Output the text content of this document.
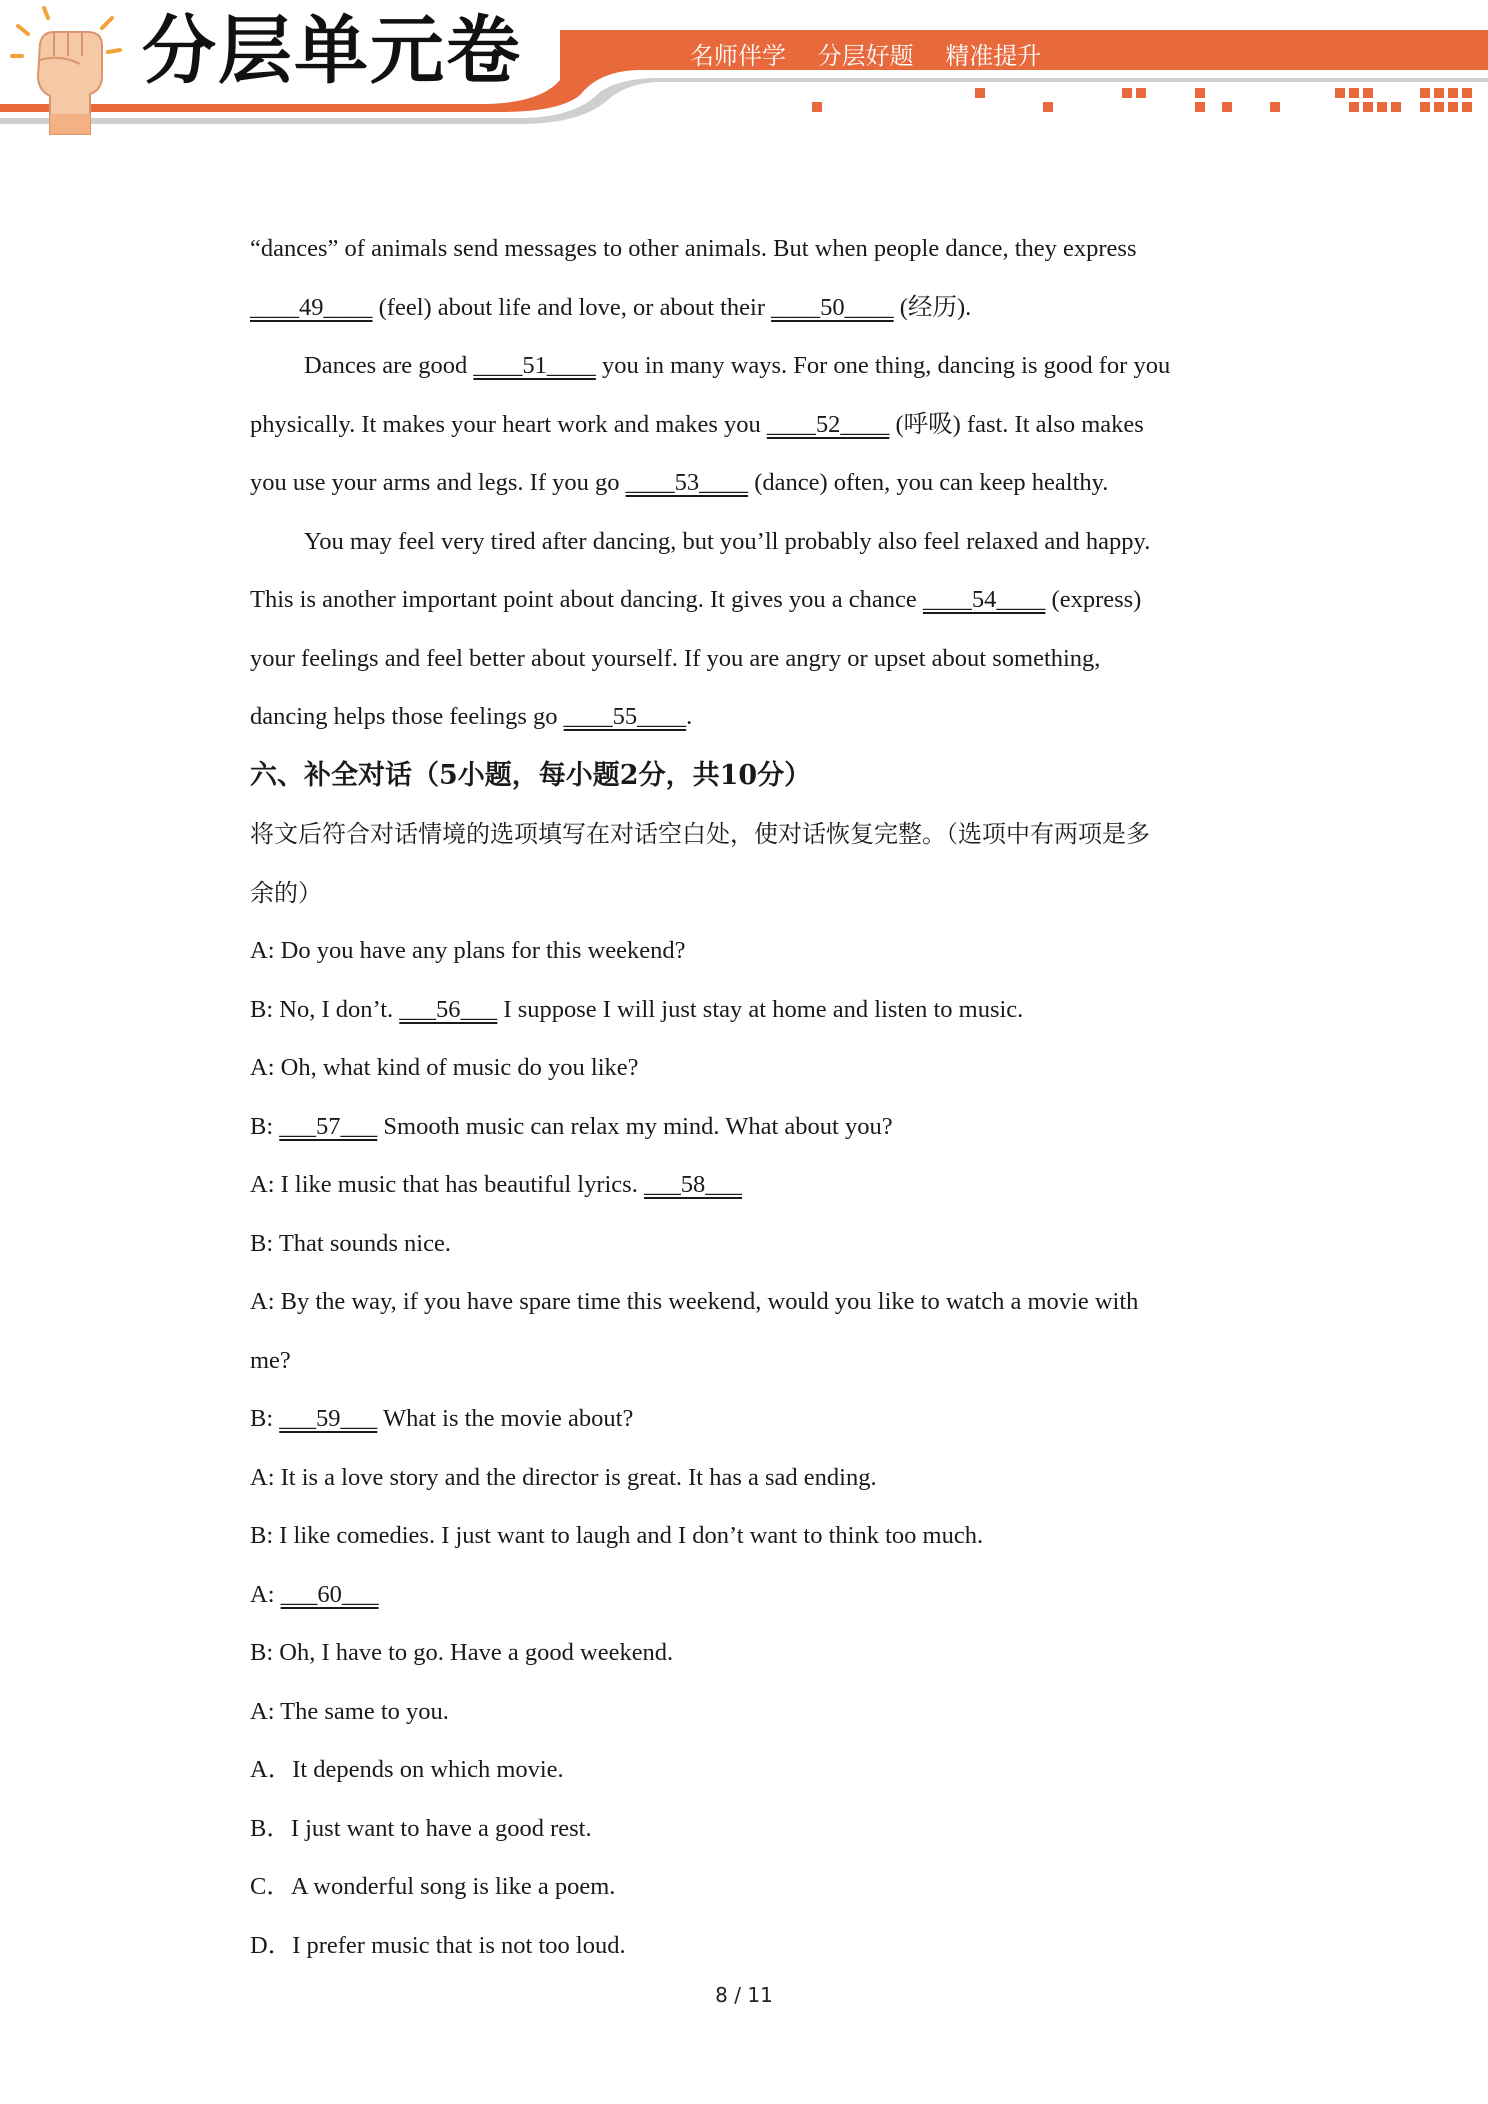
分层单元卷	名师伴学 分层好题 精准提升
“dances” of animals send messages to other animals. But when people dance, they express
____49____ (feel) about life and love, or about their ____50____ (经历).
Dances are good ____51____ you in many ways. For one thing, dancing is good for you
physically. It makes your heart work and makes you ____52____ (呼吸) fast. It also makes
you use your arms and legs. If you go ____53____ (dance) often, you can keep healthy.
You may feel very tired after dancing, but you’ll probably also feel relaxed and happy.
This is another important point about dancing. It gives you a chance ____54____ (express)
your feelings and feel better about yourself. If you are angry or upset about something,
dancing helps those feelings go ____55____.
六、补全对话（5小题，每小题2分，共10分）
将文后符合对话情境的选项填写在对话空白处，使对话恢复完整。（选项中有两项是多
余的）
A: Do you have any plans for this weekend?
B: No, I don’t. ___56___ I suppose I will just stay at home and listen to music.
A: Oh, what kind of music do you like?
B: ___57___ Smooth music can relax my mind. What about you?
A: I like music that has beautiful lyrics. ___58___
B: That sounds nice.
A: By the way, if you have spare time this weekend, would you like to watch a movie with
me?
B: ___59___ What is the movie about?
A: It is a love story and the director is great. It has a sad ending.
B: I like comedies. I just want to laugh and I don’t want to think too much.
A: ___60___
B: Oh, I have to go. Have a good weekend.
A: The same to you.
A．It depends on which movie.
B．I just want to have a good rest.
C．A wonderful song is like a poem.
D．I prefer music that is not too loud.
8 / 11
